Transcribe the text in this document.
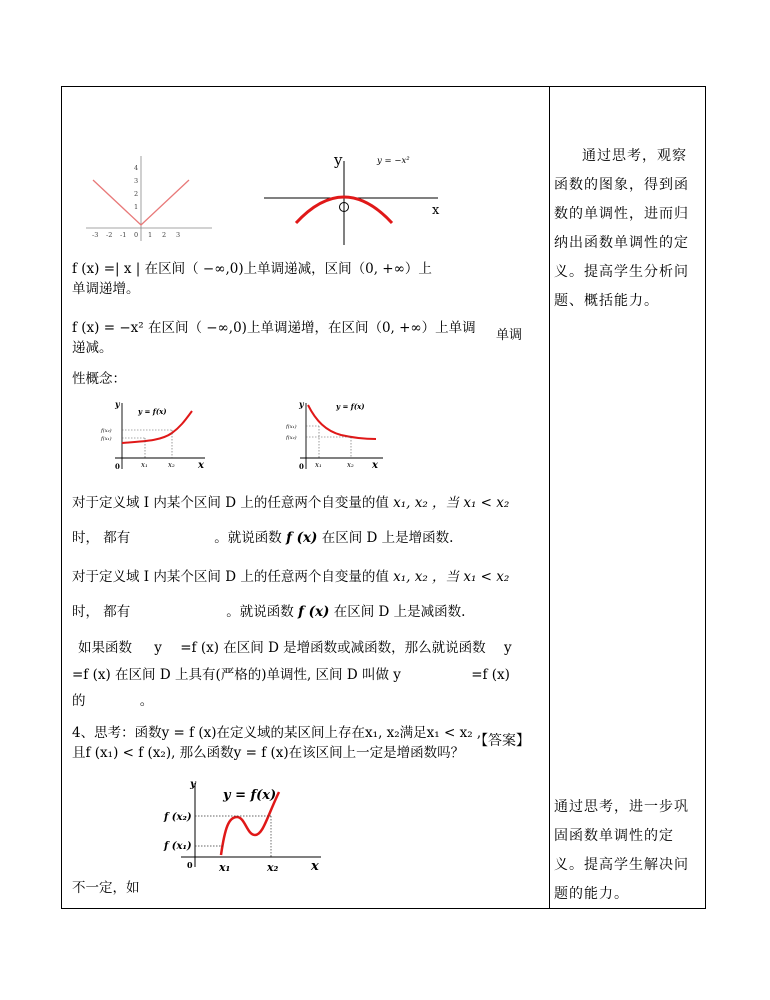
-3 -2 -1 0 1 2 3
4
3
2
1
y
x
y = −x²
f (x) =| x | 在区间（ −∞,0)上单调递减，区间（0, +∞）上
单调递增。
f (x) = −x² 在区间（ −∞,0)上单调递增，在区间（0, +∞）上单调 单调
递减。
性概念：
y
x
y = f(x)
f(x₂)
f(x₁)
x₁	x₂
0
y
x
y = f(x)
f(x₁)
f(x₂)
x₁	x₂
0
对于定义域 I 内某个区间 D 上的任意两个自变量的值 x₁, x₂ ，当 x₁ < x₂
时， 都有	。就说函数 f (x) 在区间 D 上是增函数.
对于定义域 I 内某个区间 D 上的任意两个自变量的值 x₁, x₂ ，当 x₁ < x₂
时， 都有	。就说函数 f (x) 在区间 D 上是减函数.
如果函数 y =f (x) 在区间 D 是增函数或减函数，那么就说函数 y
=f (x) 在区间 D 上具有(严格的)单调性, 区间 D 叫做 y	=f (x)
的	。
4、思考：函数y = f (x)在定义域的某区间上存在x₁, x₂满足x₁ < x₂ ,
【答案】
且f (x₁) < f (x₂), 那么函数y = f (x)在该区间上一定是增函数吗？
y
x
y = f(x)
f (x₂)
f (x₁)
x₁	x₂
0
不一定，如
通过思考，观察
函数的图象，得到函
数的单调性，进而归
纳出函数单调性的定
义。提高学生分析问
题、概括能力。
通过思考，进一步巩
固函数单调性的定
义。提高学生解决问
题的能力。
